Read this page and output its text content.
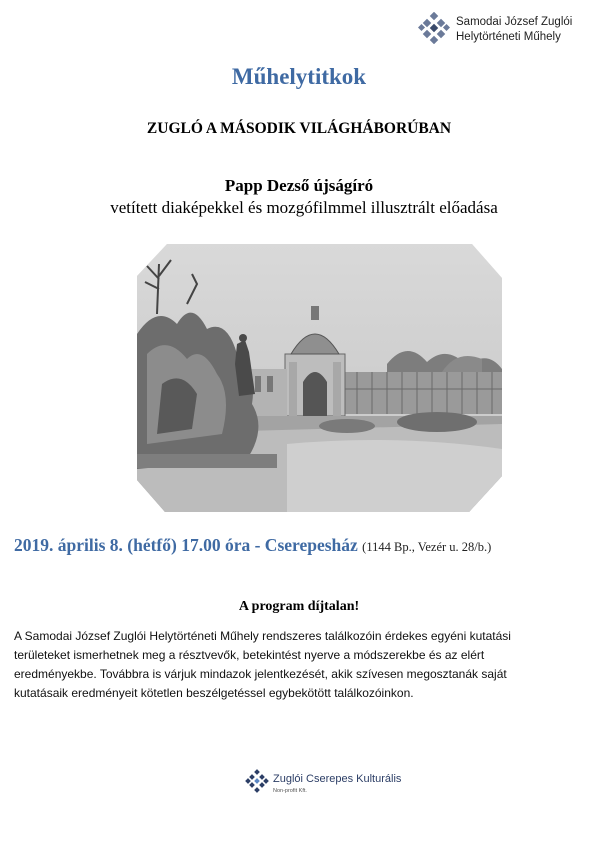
Samodai József Zuglói
Helytörténeti Műhely
Műhelytitkok
ZUGLÓ A MÁSODIK VILÁGHÁBORÚBAN
Papp Dezső újságíró
vetített diaképekkel és mozgófilmmel illusztrált előadása
2019. április 8. (hétfő) 17.00 óra - Cserepesház (1144 Bp., Vezér u. 28/b.)
A program díjtalan!
A Samodai József Zuglói Helytörténeti Műhely rendszeres találkozóin érdekes egyéni kutatási
területeket ismerhetnek meg a résztvevők, betekintést nyerve a módszerekbe és az elért
eredményekbe. Továbbra is várjuk mindazok jelentkezését, akik szívesen megosztanák saját
kutatásaik eredményeit kötetlen beszélgetéssel egybekötött találkozóinkon.
Zuglói Cserepes Kulturális
Non-profit Kft.
